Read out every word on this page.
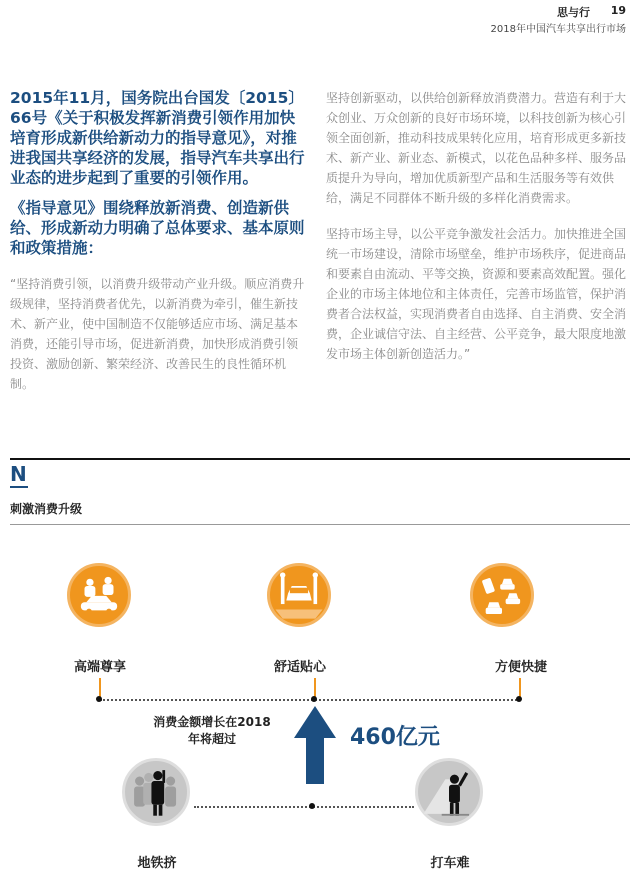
思与行 19
2018年中国汽车共享出行市场

2015年11月，国务院出台国发〔2015〕66号《关于积极发挥新消费引领作用加快培育形成新供给新动力的指导意见》，对推进我国共享经济的发展，指导汽车共享出行业态的进步起到了重要的引领作用。

《指导意见》围绕释放新消费、创造新供给、形成新动力明确了总体要求、基本原则和政策措施：

“坚持消费引领，以消费升级带动产业升级。顺应消费升级规律，坚持消费者优先，以新消费为牵引，催生新技术、新产业，使中国制造不仅能够适应市场、满足基本消费，还能引导市场，促进新消费，加快形成消费引领投资、激励创新、繁荣经济、改善民生的良性循环机制。

坚持创新驱动，以供给创新释放消费潜力。营造有利于大众创业、万众创新的良好市场环境，以科技创新为核心引领全面创新，推动科技成果转化应用，培育形成更多新技术、新产业、新业态、新模式，以花色品种多样、服务品质提升为导向，增加优质新型产品和生活服务等有效供给，满足不同群体不断升级的多样化消费需求。

坚持市场主导，以公平竞争激发社会活力。加快推进全国统一市场建设，清除市场壁垒，维护市场秩序，促进商品和要素自由流动、平等交换，资源和要素高效配置。强化企业的市场主体地位和主体责任，完善市场监管，保护消费者合法权益，实现消费者自由选择、自主消费、安全消费，企业诚信守法、自主经营、公平竞争，最大限度地激发市场主体创新创造活力。”

N
刺激消费升级
高端尊享	舒适贴心	方便快捷
消费金额增长在2018年将超过	460亿元
地铁挤	打车难
